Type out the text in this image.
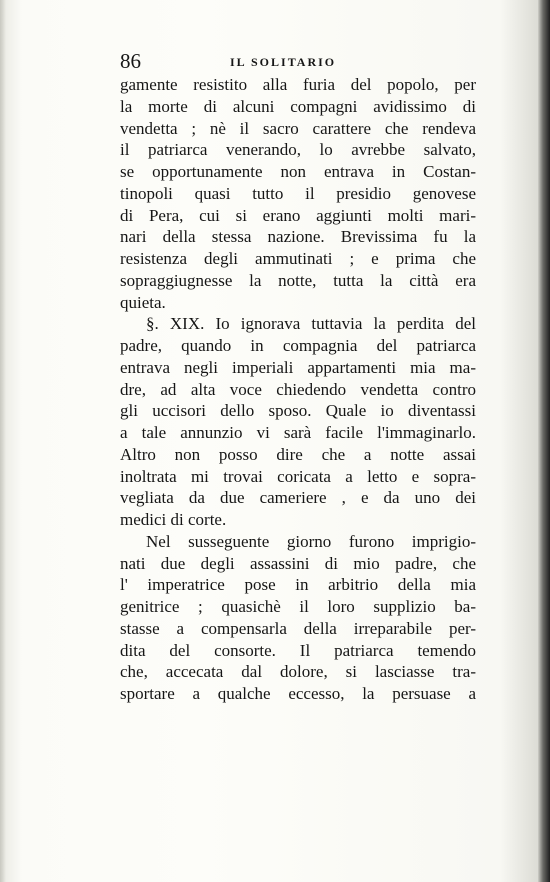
86	IL SOLITARIO
gamente resistito alla furia del popolo, per
la morte di alcuni compagni avidissimo di
vendetta ; nè il sacro carattere che rendeva
il patriarca venerando, lo avrebbe salvato,
se opportunamente non entrava in Costan-
tinopoli quasi tutto il presidio genovese
di Pera, cui si erano aggiunti molti mari-
nari della stessa nazione. Brevissima fu la
resistenza degli ammutinati ; e prima che
sopraggiugnesse la notte, tutta la città era
quieta.
§. XIX. Io ignorava tuttavia la perdita del
padre, quando in compagnia del patriarca
entrava negli imperiali appartamenti mia ma-
dre, ad alta voce chiedendo vendetta contro
gli uccisori dello sposo. Quale io diventassi
a tale annunzio vi sarà facile l'immaginarlo.
Altro non posso dire che a notte assai
inoltrata mi trovai coricata a letto e sopra-
vegliata da due cameriere , e da uno dei
medici di corte.
Nel susseguente giorno furono imprigio-
nati due degli assassini di mio padre, che
l' imperatrice pose in arbitrio della mia
genitrice ; quasichè il loro supplizio ba-
stasse a compensarla della irreparabile per-
dita del consorte. Il patriarca temendo
che, accecata dal dolore, si lasciasse tra-
sportare a qualche eccesso, la persuase a
